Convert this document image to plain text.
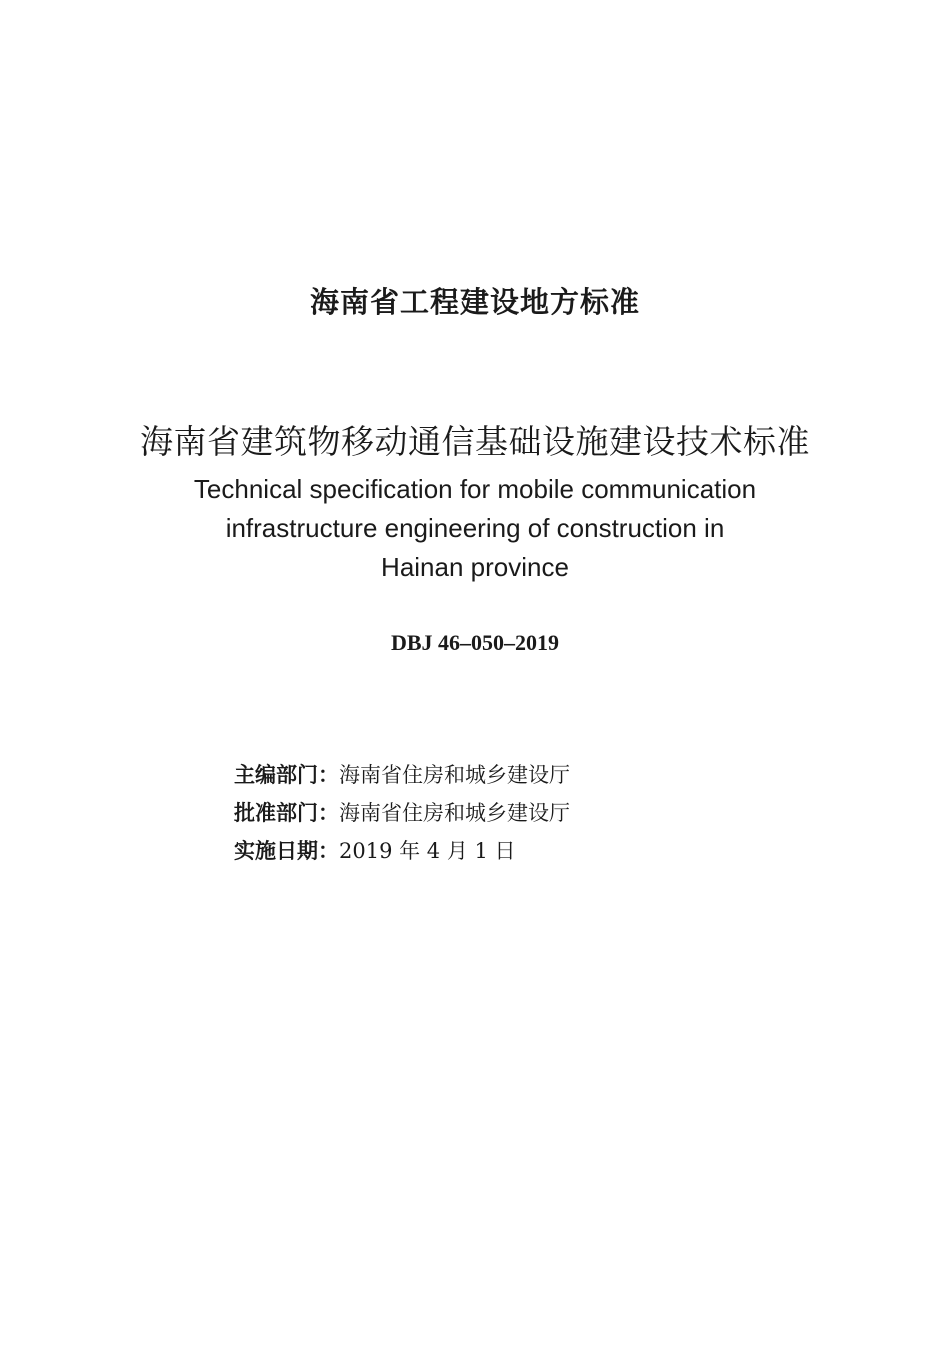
海南省工程建设地方标准
海南省建筑物移动通信基础设施建设技术标准
Technical specification for mobile communication
infrastructure engineering of construction in
Hainan province
DBJ 46–050–2019
主编部门：海南省住房和城乡建设厅
批准部门：海南省住房和城乡建设厅
实施日期：2019 年 4 月 1 日
